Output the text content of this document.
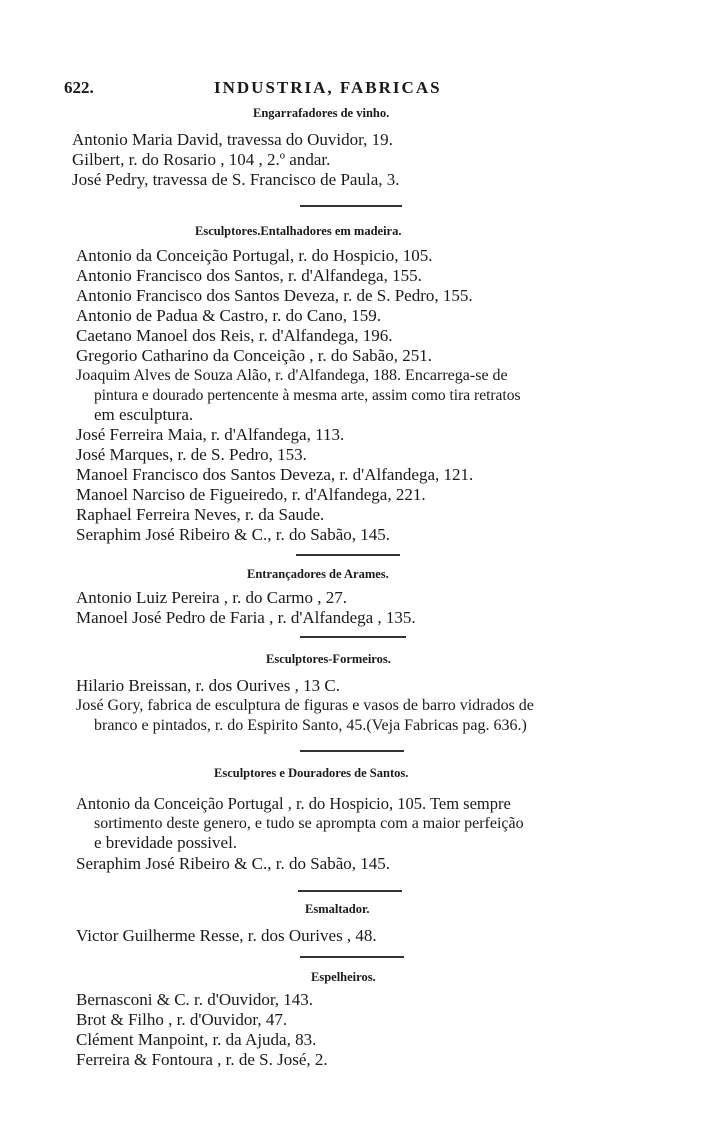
622.	INDUSTRIA, FABRICAS
Engarrafadores de vinho.
Antonio Maria David, travessa do Ouvidor, 19.
Gilbert, r. do Rosario , 104 , 2.º andar.
José Pedry, travessa de S. Francisco de Paula, 3.
Esculptores.Entalhadores em madeira.
Antonio da Conceição Portugal, r. do Hospicio, 105.
Antonio Francisco dos Santos, r. d'Alfandega, 155.
Antonio Francisco dos Santos Deveza, r. de S. Pedro, 155.
Antonio de Padua & Castro, r. do Cano, 159.
Caetano Manoel dos Reis, r. d'Alfandega, 196.
Gregorio Catharino da Conceição , r. do Sabão, 251.
Joaquim Alves de Souza Alão, r. d'Alfandega, 188. Encarrega-se de
pintura e dourado pertencente à mesma arte, assim como tira retratos
em esculptura.
José Ferreira Maia, r. d'Alfandega, 113.
José Marques, r. de S. Pedro, 153.
Manoel Francisco dos Santos Deveza, r. d'Alfandega, 121.
Manoel Narciso de Figueiredo, r. d'Alfandega, 221.
Raphael Ferreira Neves, r. da Saude.
Seraphim José Ribeiro & C., r. do Sabão, 145.
Entrançadores de Arames.
Antonio Luiz Pereira , r. do Carmo , 27.
Manoel José Pedro de Faria , r. d'Alfandega , 135.
Esculptores-Formeiros.
Hilario Breissan, r. dos Ourives , 13 C.
José Gory, fabrica de esculptura de figuras e vasos de barro vidrados de
branco e pintados, r. do Espirito Santo, 45.(Veja Fabricas pag. 636.)
Esculptores e Douradores de Santos.
Antonio da Conceição Portugal , r. do Hospicio, 105. Tem sempre
sortimento deste genero, e tudo se apromptа com a maior perfeição
e brevidade possivel.
Seraphim José Ribeiro & C., r. do Sabão, 145.
Esmaltador.
Victor Guilherme Resse, r. dos Ourives , 48.
Espelheiros.
Bernasconi & C. r. d'Ouvidor, 143.
Brot & Filho , r. d'Ouvidor, 47.
Clément Manpoint, r. da Ajuda, 83.
Ferreira & Fontoura , r. de S. José, 2.
